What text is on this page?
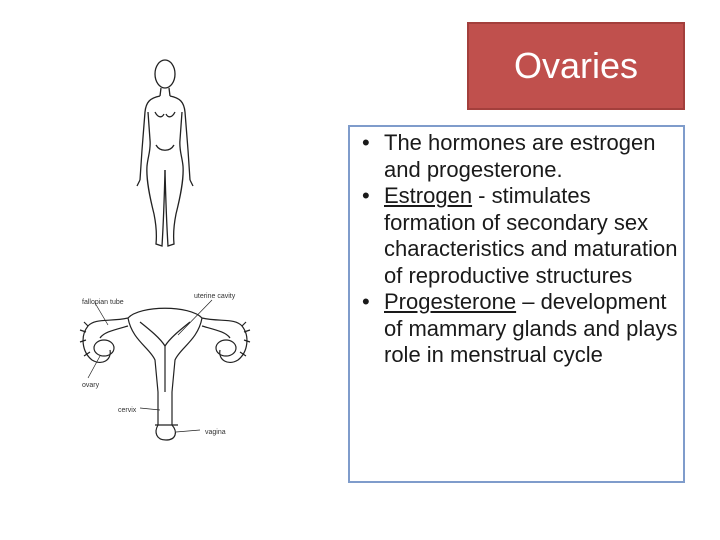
fallopian tube
uterine cavity
ovary
cervix
vagina
Ovaries
• The hormones are estrogen and progesterone.
• Estrogen - stimulates formation of secondary sex characteristics and maturation of reproductive structures
• Progesterone – development of mammary glands and plays role in menstrual cycle
